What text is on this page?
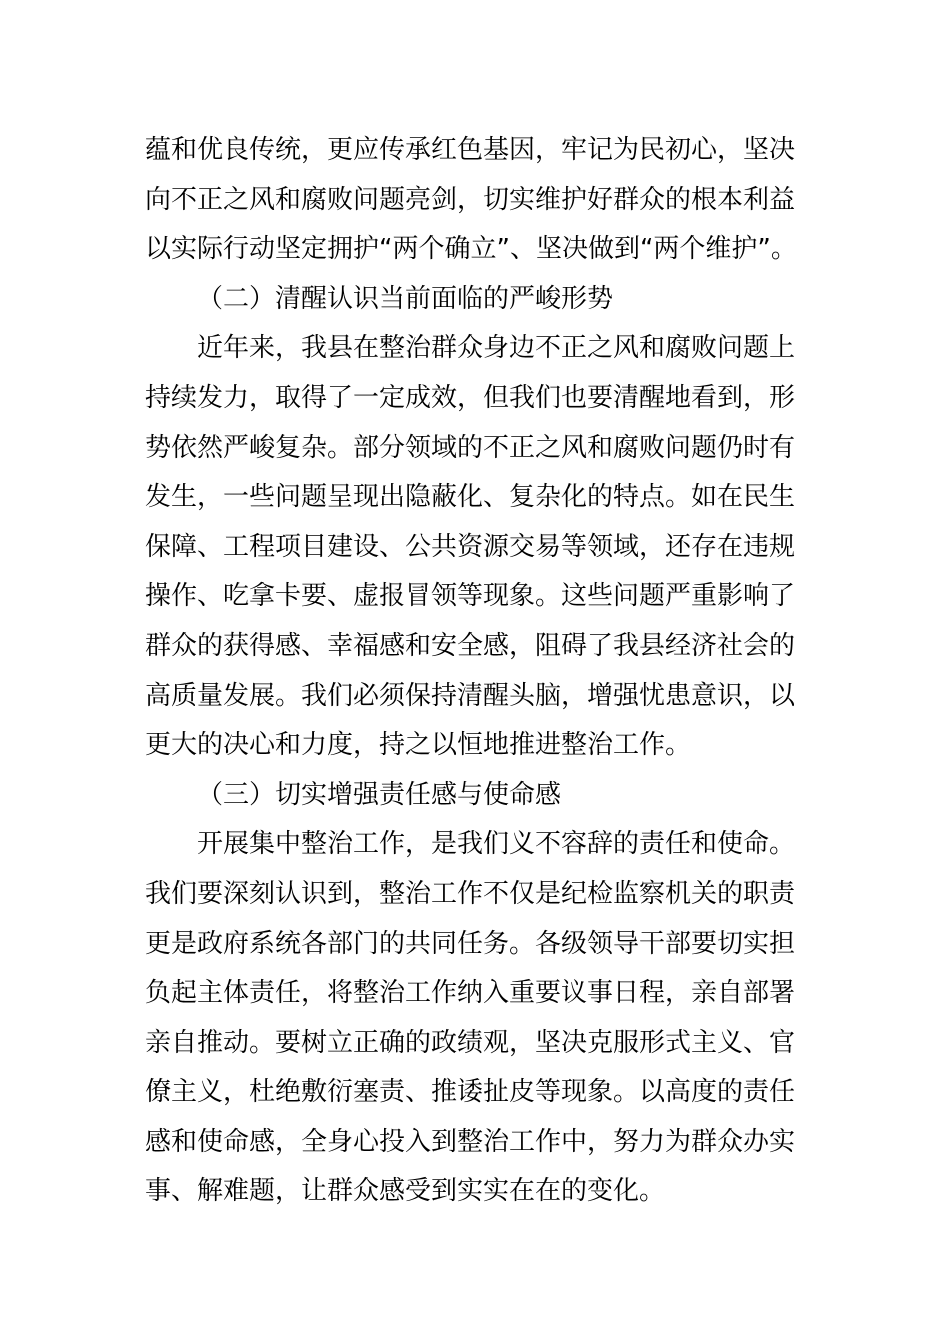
蕴和优良传统，更应传承红色基因，牢记为民初心，坚决
向不正之风和腐败问题亮剑，切实维护好群众的根本利益
以实际行动坚定拥护“两个确立”、坚决做到“两个维护”。
（二）清醒认识当前面临的严峻形势
近年来，我县在整治群众身边不正之风和腐败问题上
持续发力，取得了一定成效，但我们也要清醒地看到，形
势依然严峻复杂。部分领域的不正之风和腐败问题仍时有
发生，一些问题呈现出隐蔽化、复杂化的特点。如在民生
保障、工程项目建设、公共资源交易等领域，还存在违规
操作、吃拿卡要、虚报冒领等现象。这些问题严重影响了
群众的获得感、幸福感和安全感，阻碍了我县经济社会的
高质量发展。我们必须保持清醒头脑，增强忧患意识，以
更大的决心和力度，持之以恒地推进整治工作。
（三）切实增强责任感与使命感
开展集中整治工作，是我们义不容辞的责任和使命。
我们要深刻认识到，整治工作不仅是纪检监察机关的职责
更是政府系统各部门的共同任务。各级领导干部要切实担
负起主体责任，将整治工作纳入重要议事日程，亲自部署
亲自推动。要树立正确的政绩观，坚决克服形式主义、官
僚主义，杜绝敷衍塞责、推诿扯皮等现象。以高度的责任
感和使命感，全身心投入到整治工作中，努力为群众办实
事、解难题，让群众感受到实实在在的变化。
